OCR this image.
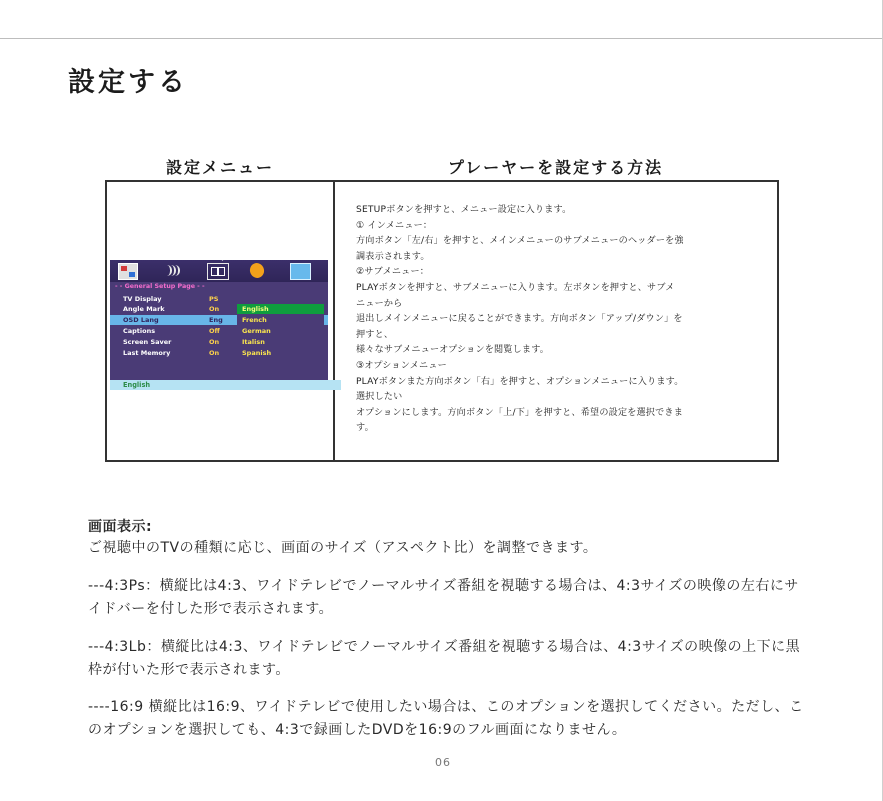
設定する
設定メニュー	プレーヤーを設定する方法
Dolby
- - General Setup Page - -
TV Display	PS
Angle Mark	On	English
OSD Lang	Eng	French
Captions	Off	German
Screen Saver	On	Italisn
Last Memory	On	Spanish
English

SETUPボタンを押すと、メニュー設定に入ります。

① インメニュー：

方向ボタン「左/右」を押すと、メインメニューのサブメニューのヘッダーを強

調表示されます。

②サブメニュー：

PLAYボタンを押すと、サブメニューに入ります。左ボタンを押すと、サブメ

ニューから

退出しメインメニューに戻ることができます。方向ボタン「アップ/ダウン」を

押すと、

様々なサブメニューオプションを閲覧します。

③オプションメニュー

PLAYボタンまた方向ボタン「右」を押すと、オプションメニューに入ります。

選択したい

オプションにします。方向ボタン「上/下」を押すと、希望の設定を選択できま

す。

画面表示:
ご視聴中のTVの種類に応じ、画面のサイズ（アスペクト比）を調整できます。
---4:3Ps：横縦比は4:3、ワイドテレビでノーマルサイズ番組を視聴する場合は、4:3サイズの映像の左右にサイドバーを付した形で表示されます。
---4:3Lb：横縦比は4:3、ワイドテレビでノーマルサイズ番組を視聴する場合は、4:3サイズの映像の上下に黒枠が付いた形で表示されます。
----16:9 横縦比は16:9、ワイドテレビで使用したい場合は、このオプションを選択してください。ただし、このオプションを選択しても、4:3で録画したDVDを16:9のフル画面になりません。
06
